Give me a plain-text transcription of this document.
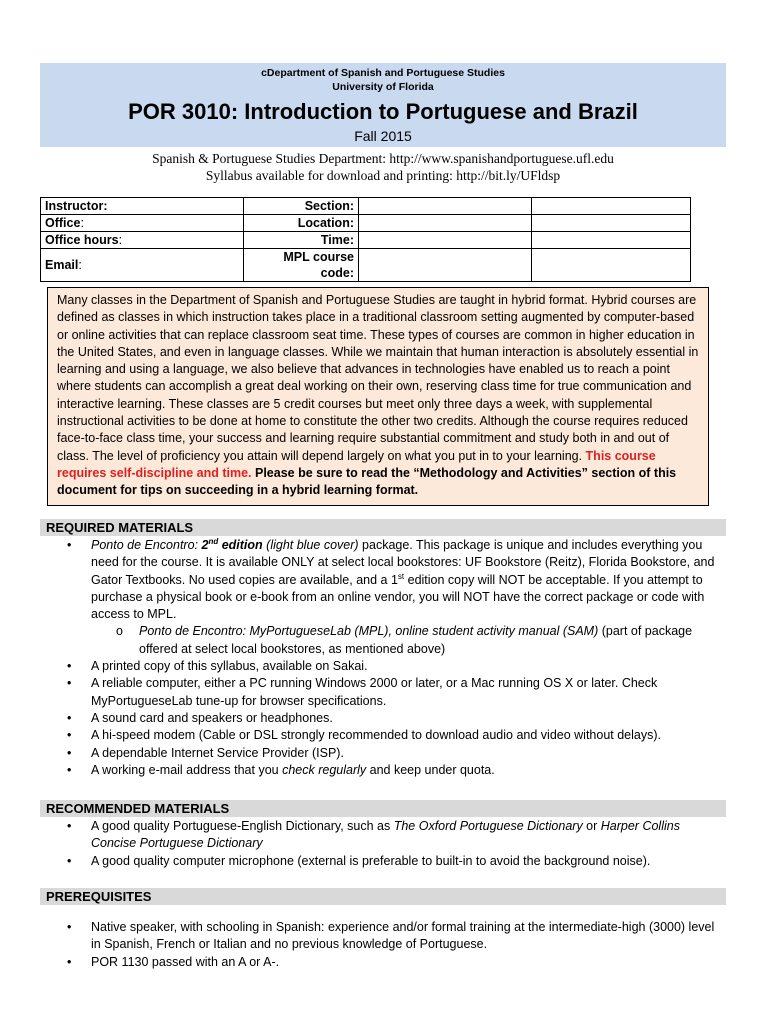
cDepartment of Spanish and Portuguese Studies
University of Florida
POR 3010: Introduction to Portuguese and Brazil
Fall 2015
Spanish & Portuguese Studies Department: http://www.spanishandportuguese.ufl.edu
Syllabus available for download and printing: http://bit.ly/UFldsp
Instructor:	Section:		
Office:	Location:		
Office hours:	Time:		
Email:	MPL course code:		
Many classes in the Department of Spanish and Portuguese Studies are taught in hybrid format. Hybrid courses are defined as classes in which instruction takes place in a traditional classroom setting augmented by computer-based or online activities that can replace classroom seat time. These types of courses are common in higher education in the United States, and even in language classes. While we maintain that human interaction is absolutely essential in learning and using a language, we also believe that advances in technologies have enabled us to reach a point where students can accomplish a great deal working on their own, reserving class time for true communication and interactive learning. These classes are 5 credit courses but meet only three days a week, with supplemental instructional activities to be done at home to constitute the other two credits. Although the course requires reduced face-to-face class time, your success and learning require substantial commitment and study both in and out of class. The level of proficiency you attain will depend largely on what you put in to your learning. This course requires self-discipline and time. Please be sure to read the “Methodology and Activities” section of this document for tips on succeeding in a hybrid learning format.
REQUIRED MATERIALS
• Ponto de Encontro: 2nd edition (light blue cover) package. This package is unique and includes everything you need for the course. It is available ONLY at select local bookstores: UF Bookstore (Reitz), Florida Bookstore, and Gator Textbooks. No used copies are available, and a 1st edition copy will NOT be acceptable. If you attempt to purchase a physical book or e-book from an online vendor, you will NOT have the correct package or code with access to MPL.
o Ponto de Encontro: MyPortugueseLab (MPL), online student activity manual (SAM) (part of package offered at select local bookstores, as mentioned above)
• A printed copy of this syllabus, available on Sakai.
• A reliable computer, either a PC running Windows 2000 or later, or a Mac running OS X or later. Check MyPortugueseLab tune-up for browser specifications.
• A sound card and speakers or headphones.
• A hi-speed modem (Cable or DSL strongly recommended to download audio and video without delays).
• A dependable Internet Service Provider (ISP).
• A working e-mail address that you check regularly and keep under quota.
RECOMMENDED MATERIALS
• A good quality Portuguese-English Dictionary, such as The Oxford Portuguese Dictionary or Harper Collins Concise Portuguese Dictionary
• A good quality computer microphone (external is preferable to built-in to avoid the background noise).
PREREQUISITES
• Native speaker, with schooling in Spanish: experience and/or formal training at the intermediate-high (3000) level in Spanish, French or Italian and no previous knowledge of Portuguese.
• POR 1130 passed with an A or A-.
